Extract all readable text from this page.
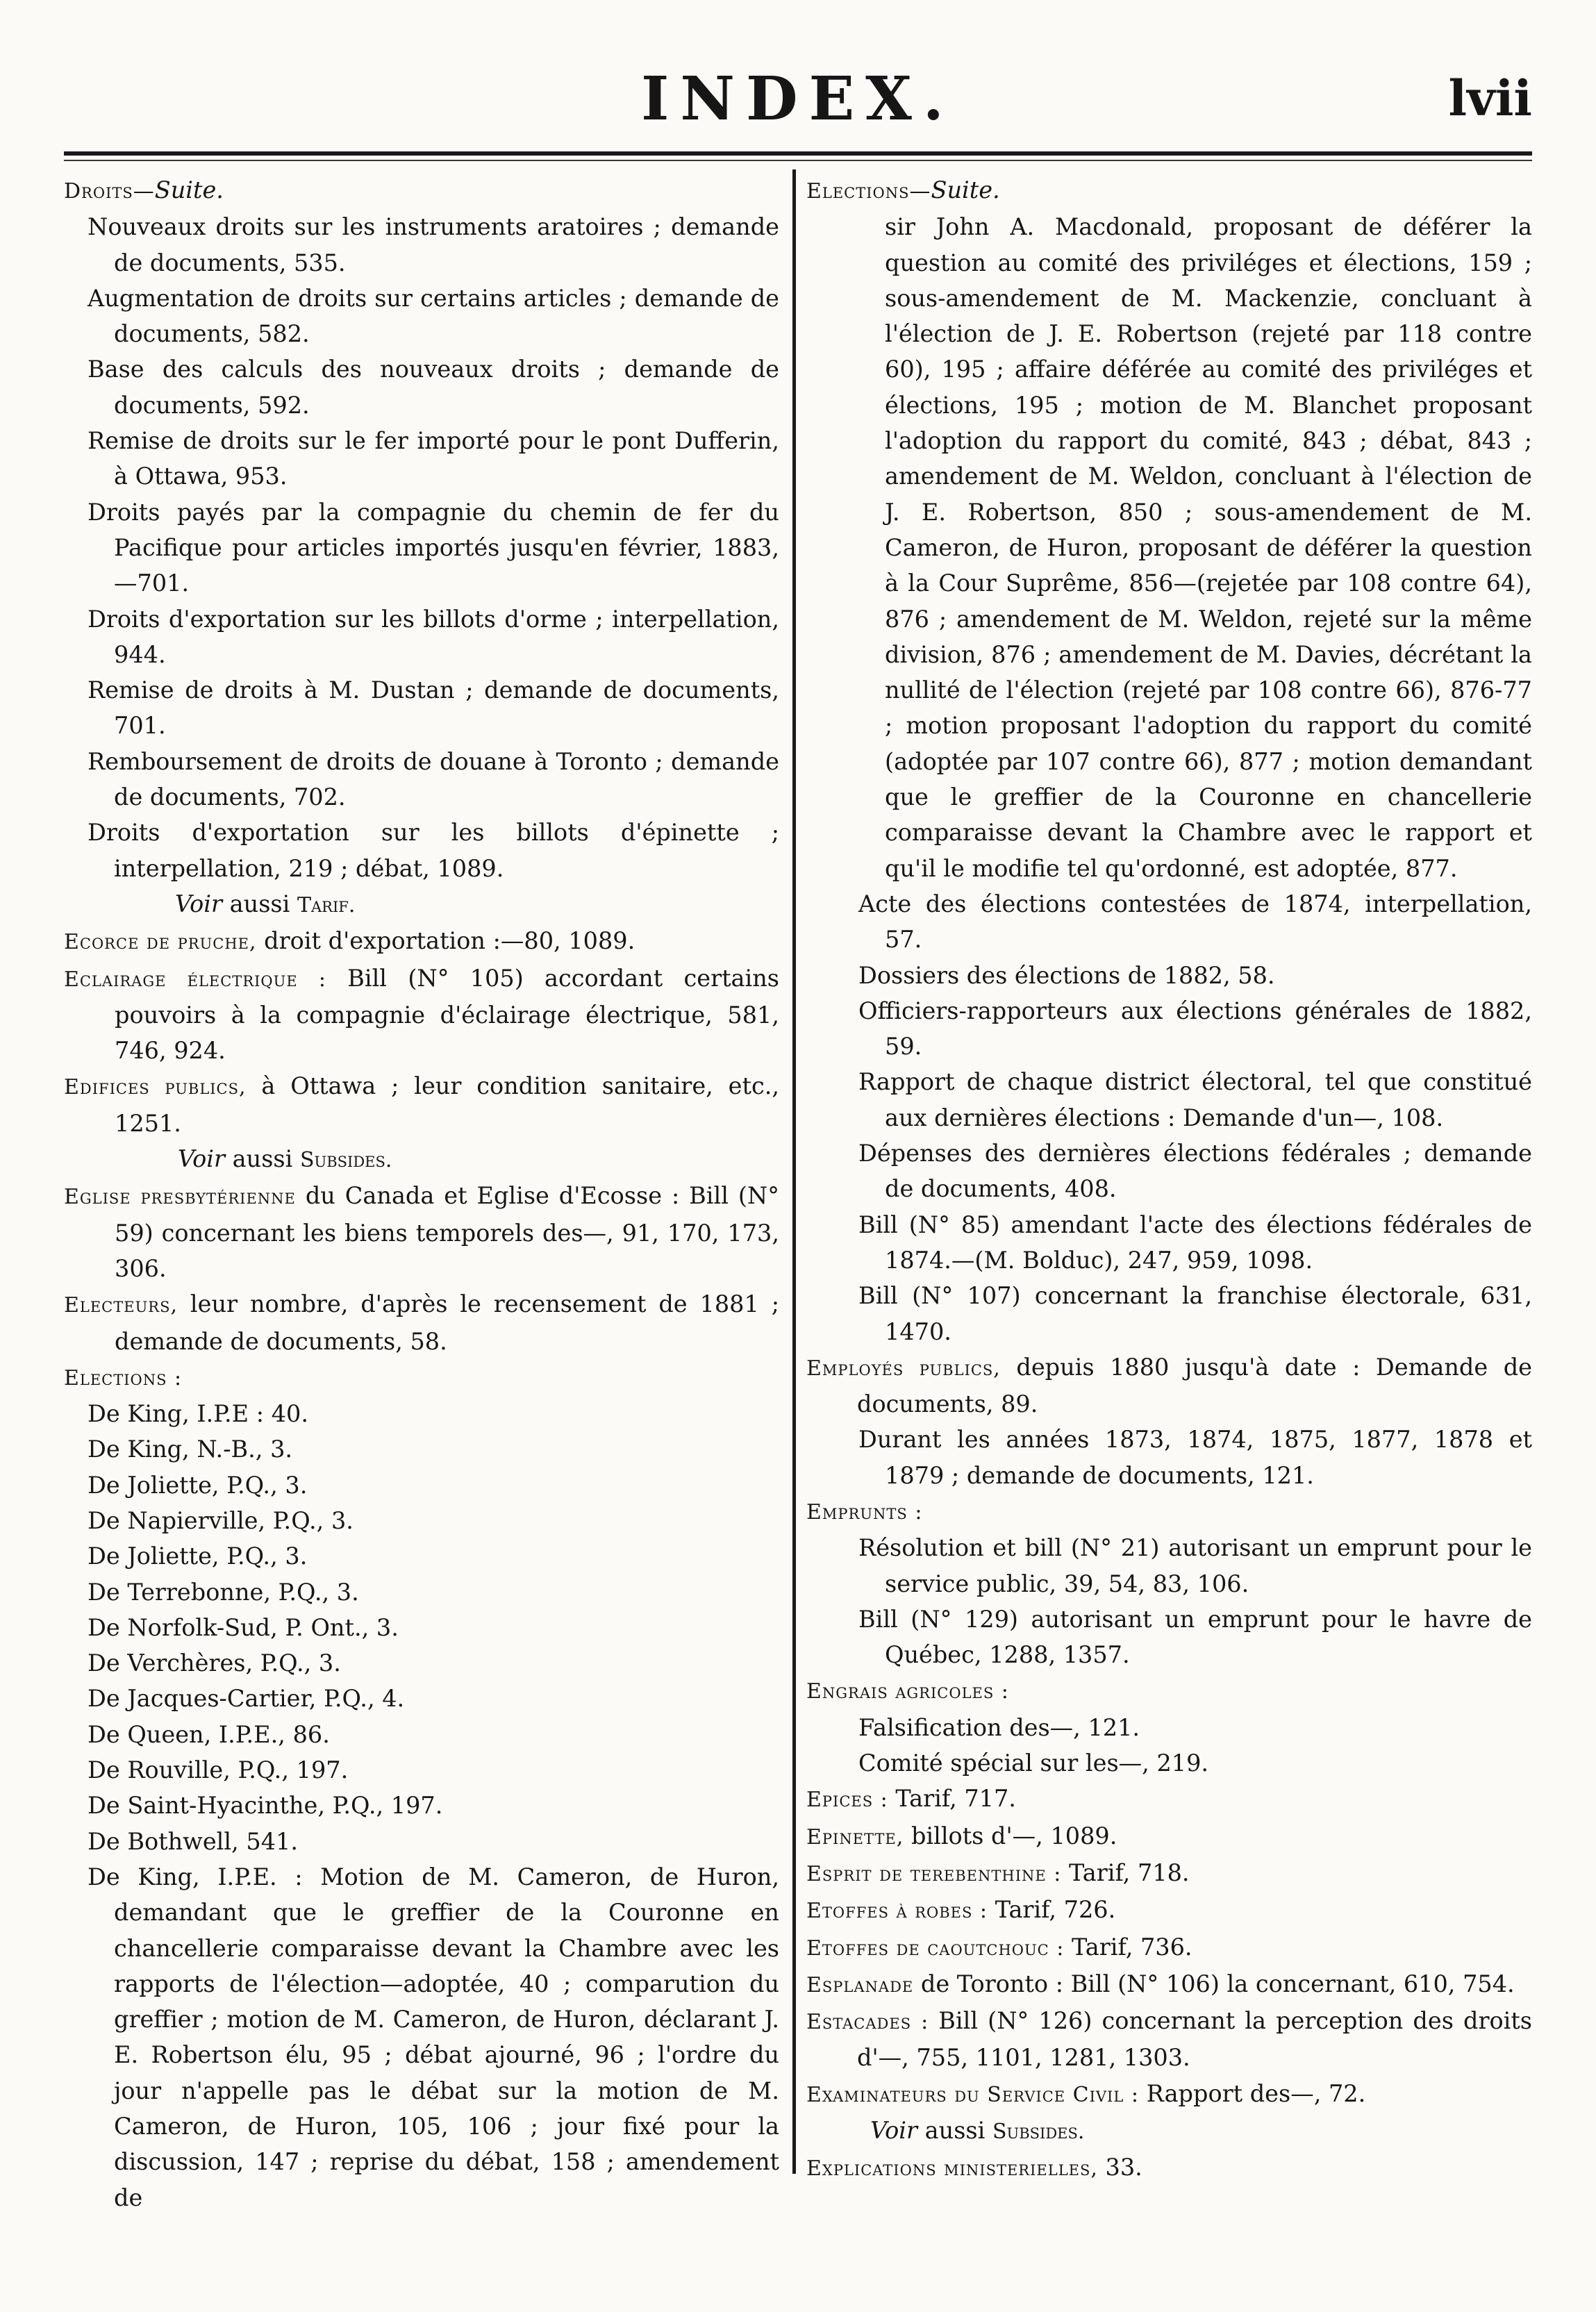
INDEX.	lvii

Droits—Suite.

Nouveaux droits sur les instruments aratoires ; demande de documents, 535.

Augmentation de droits sur certains articles ; demande de documents, 582.

Base des calculs des nouveaux droits ; demande de documents, 592.

Remise de droits sur le fer importé pour le pont Dufferin, à Ottawa, 953.

Droits payés par la compagnie du chemin de fer du Pacifique pour articles importés jusqu'en février, 1883,—701.

Droits d'exportation sur les billots d'orme ; interpellation, 944.

Remise de droits à M. Dustan ; demande de documents, 701.

Remboursement de droits de douane à Toronto ; demande de documents, 702.

Droits d'exportation sur les billots d'épinette ; interpellation, 219 ; débat, 1089.

Voir aussi Tarif.

Ecorce de pruche, droit d'exportation :—80, 1089.

Eclairage électrique : Bill (N° 105) accordant certains pouvoirs à la compagnie d'éclairage électrique, 581, 746, 924.

Edifices publics, à Ottawa ; leur condition sanitaire, etc., 1251.

Voir aussi Subsides.

Eglise presbytérienne du Canada et Eglise d'Ecosse : Bill (N° 59) concernant les biens temporels des—, 91, 170, 173, 306.

Electeurs, leur nombre, d'après le recensement de 1881 ; demande de documents, 58.

Elections :

De King, I.P.E : 40.

De King, N.-B., 3.

De Joliette, P.Q., 3.

De Napierville, P.Q., 3.

De Joliette, P.Q., 3.

De Terrebonne, P.Q., 3.

De Norfolk-Sud, P. Ont., 3.

De Verchères, P.Q., 3.

De Jacques-Cartier, P.Q., 4.

De Queen, I.P.E., 86.

De Rouville, P.Q., 197.

De Saint-Hyacinthe, P.Q., 197.

De Bothwell, 541.

De King, I.P.E. : Motion de M. Cameron, de Huron, demandant que le greffier de la Couronne en chancellerie comparaisse devant la Chambre avec les rapports de l'élection—adoptée, 40 ; comparution du greffier ; motion de M. Cameron, de Huron, déclarant J. E. Robertson élu, 95 ; débat ajourné, 96 ; l'ordre du jour n'appelle pas le débat sur la motion de M. Cameron, de Huron, 105, 106 ; jour fixé pour la discussion, 147 ; reprise du débat, 158 ; amendement de

Elections—Suite.

sir John A. Macdonald, proposant de déférer la question au comité des priviléges et élections, 159 ; sous-amendement de M. Mackenzie, concluant à l'élection de J. E. Robertson (rejeté par 118 contre 60), 195 ; affaire déférée au comité des priviléges et élections, 195 ; motion de M. Blanchet proposant l'adoption du rapport du comité, 843 ; débat, 843 ; amendement de M. Weldon, concluant à l'élection de J. E. Robertson, 850 ; sous-amendement de M. Cameron, de Huron, proposant de déférer la question à la Cour Suprême, 856—(rejetée par 108 contre 64), 876 ; amendement de M. Weldon, rejeté sur la même division, 876 ; amendement de M. Davies, décrétant la nullité de l'élection (rejeté par 108 contre 66), 876-77 ; motion proposant l'adoption du rapport du comité (adoptée par 107 contre 66), 877 ; motion demandant que le greffier de la Couronne en chancellerie comparaisse devant la Chambre avec le rapport et qu'il le modifie tel qu'ordonné, est adoptée, 877.

Acte des élections contestées de 1874, interpellation, 57.

Dossiers des élections de 1882, 58.

Officiers-rapporteurs aux élections générales de 1882, 59.

Rapport de chaque district électoral, tel que constitué aux dernières élections : Demande d'un—, 108.

Dépenses des dernières élections fédérales ; demande de documents, 408.

Bill (N° 85) amendant l'acte des élections fédérales de 1874.—(M. Bolduc), 247, 959, 1098.

Bill (N° 107) concernant la franchise électorale, 631, 1470.

Employés publics, depuis 1880 jusqu'à date : Demande de documents, 89.

Durant les années 1873, 1874, 1875, 1877, 1878 et 1879 ; demande de documents, 121.

Emprunts :

Résolution et bill (N° 21) autorisant un emprunt pour le service public, 39, 54, 83, 106.

Bill (N° 129) autorisant un emprunt pour le havre de Québec, 1288, 1357.

Engrais agricoles :

Falsification des—, 121.

Comité spécial sur les—, 219.

Epices : Tarif, 717.

Epinette, billots d'—, 1089.

Esprit de terebenthine : Tarif, 718.

Etoffes à robes : Tarif, 726.

Etoffes de caoutchouc : Tarif, 736.

Esplanade de Toronto : Bill (N° 106) la concernant, 610, 754.

Estacades : Bill (N° 126) concernant la perception des droits d'—, 755, 1101, 1281, 1303.

Examinateurs du Service Civil : Rapport des—, 72.

Voir aussi Subsides.

Explications ministerielles, 33.
